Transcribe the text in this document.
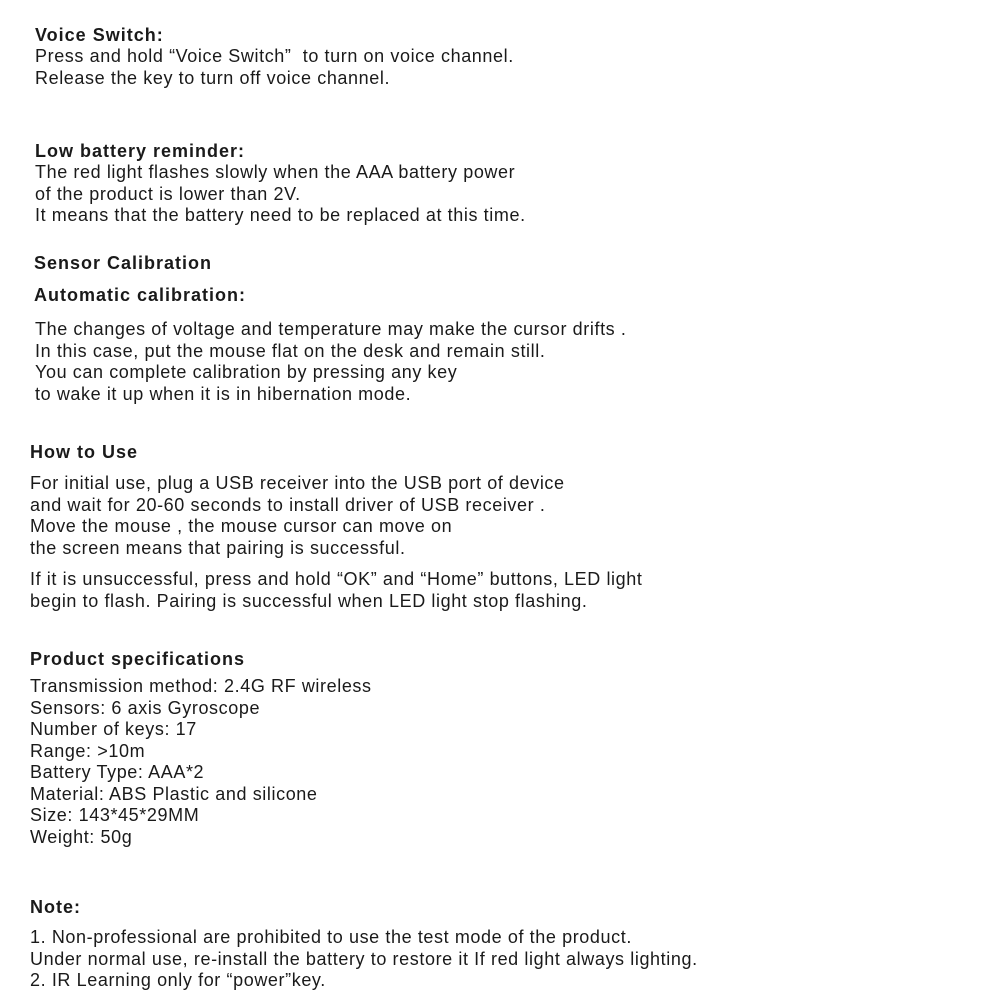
Voice Switch:

Press and hold “Voice Switch”  to turn on voice channel.

Release the key to turn off voice channel.

Low battery reminder:

The red light flashes slowly when the AAA battery power

of the product is lower than 2V.

It means that the battery need to be replaced at this time.

Sensor Calibration

Automatic calibration:

The changes of voltage and temperature may make the cursor drifts .

In this case, put the mouse flat on the desk and remain still.

You can complete calibration by pressing any key

to wake it up when it is in hibernation mode.

How to Use

For initial use, plug a USB receiver into the USB port of device

and wait for 20-60 seconds to install driver of USB receiver .

Move the mouse , the mouse cursor can move on

the screen means that pairing is successful.

If it is unsuccessful, press and hold “OK” and “Home” buttons, LED light

begin to flash. Pairing is successful when LED light stop flashing.

Product specifications

Transmission method: 2.4G RF wireless

Sensors: 6 axis Gyroscope

Number of keys: 17

Range: >10m

Battery Type: AAA*2

Material: ABS Plastic and silicone

Size: 143*45*29MM

Weight: 50g

Note:

1. Non-professional are prohibited to use the test mode of the product.

Under normal use, re-install the battery to restore it If red light always lighting.

2. IR Learning only for “power”key.
